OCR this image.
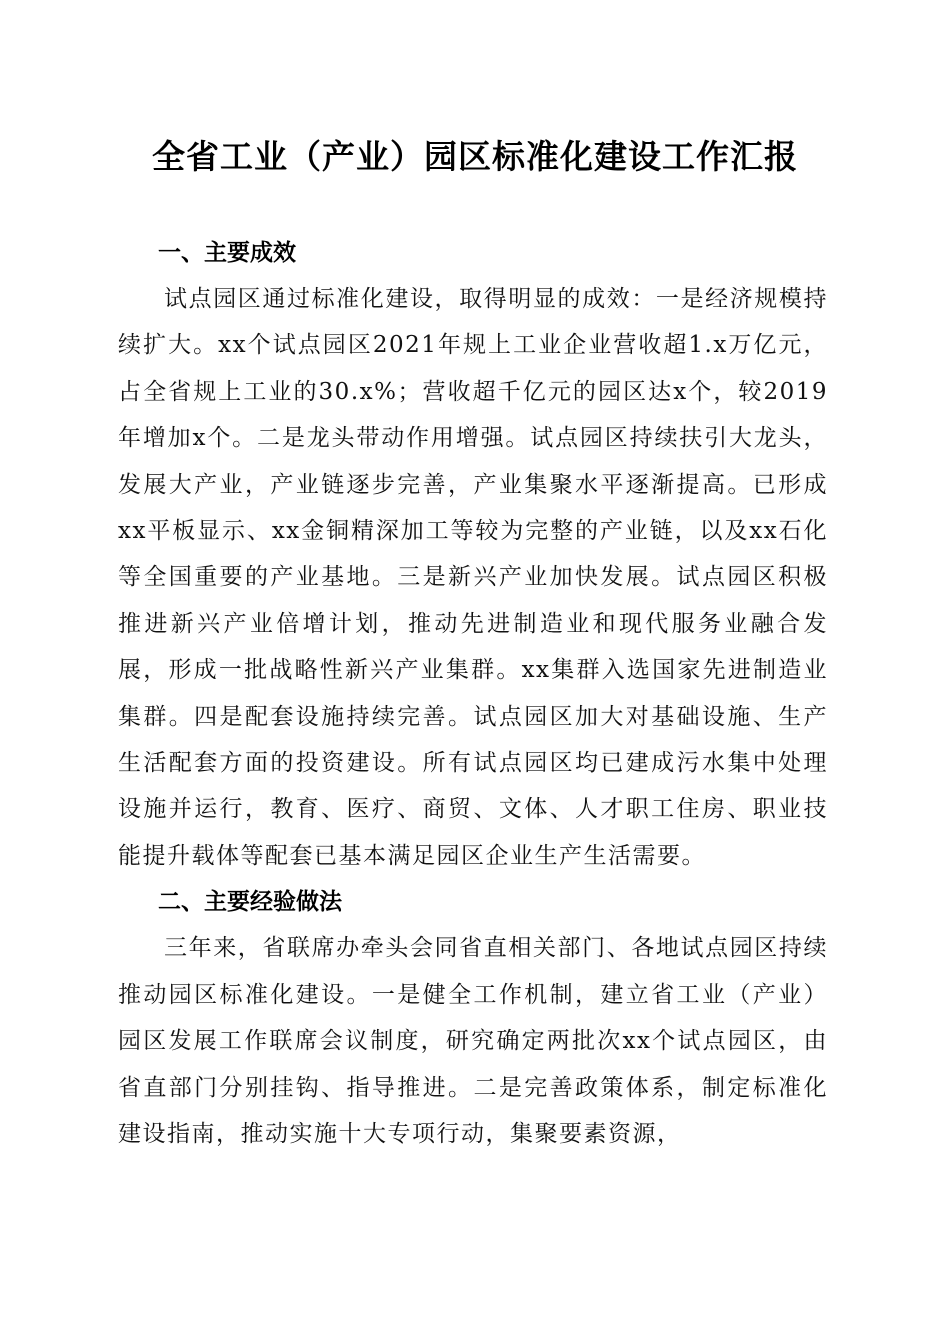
全省工业（产业）园区标准化建设工作汇报
一、主要成效

试点园区通过标准化建设，取得明显的成效：一是经济规模持续扩大。xx个试点园区2021年规上工业企业营收超1.x万亿元，占全省规上工业的30.x%；营收超千亿元的园区达x个，较2019年增加x个。二是龙头带动作用增强。试点园区持续扶引大龙头，发展大产业，产业链逐步完善，产业集聚水平逐渐提高。已形成xx平板显示、xx金铜精深加工等较为完整的产业链，以及xx石化等全国重要的产业基地。三是新兴产业加快发展。试点园区积极推进新兴产业倍增计划，推动先进制造业和现代服务业融合发展，形成一批战略性新兴产业集群。xx集群入选国家先进制造业集群。四是配套设施持续完善。试点园区加大对基础设施、生产生活配套方面的投资建设。所有试点园区均已建成污水集中处理设施并运行，教育、医疗、商贸、文体、人才职工住房、职业技能提升载体等配套已基本满足园区企业生产生活需要。

二、主要经验做法

三年来，省联席办牵头会同省直相关部门、各地试点园区持续推动园区标准化建设。一是健全工作机制，建立省工业（产业）园区发展工作联席会议制度，研究确定两批次xx个试点园区，由省直部门分别挂钩、指导推进。二是完善政策体系，制定标准化建设指南，推动实施十大专项行动，集聚要素资源，
